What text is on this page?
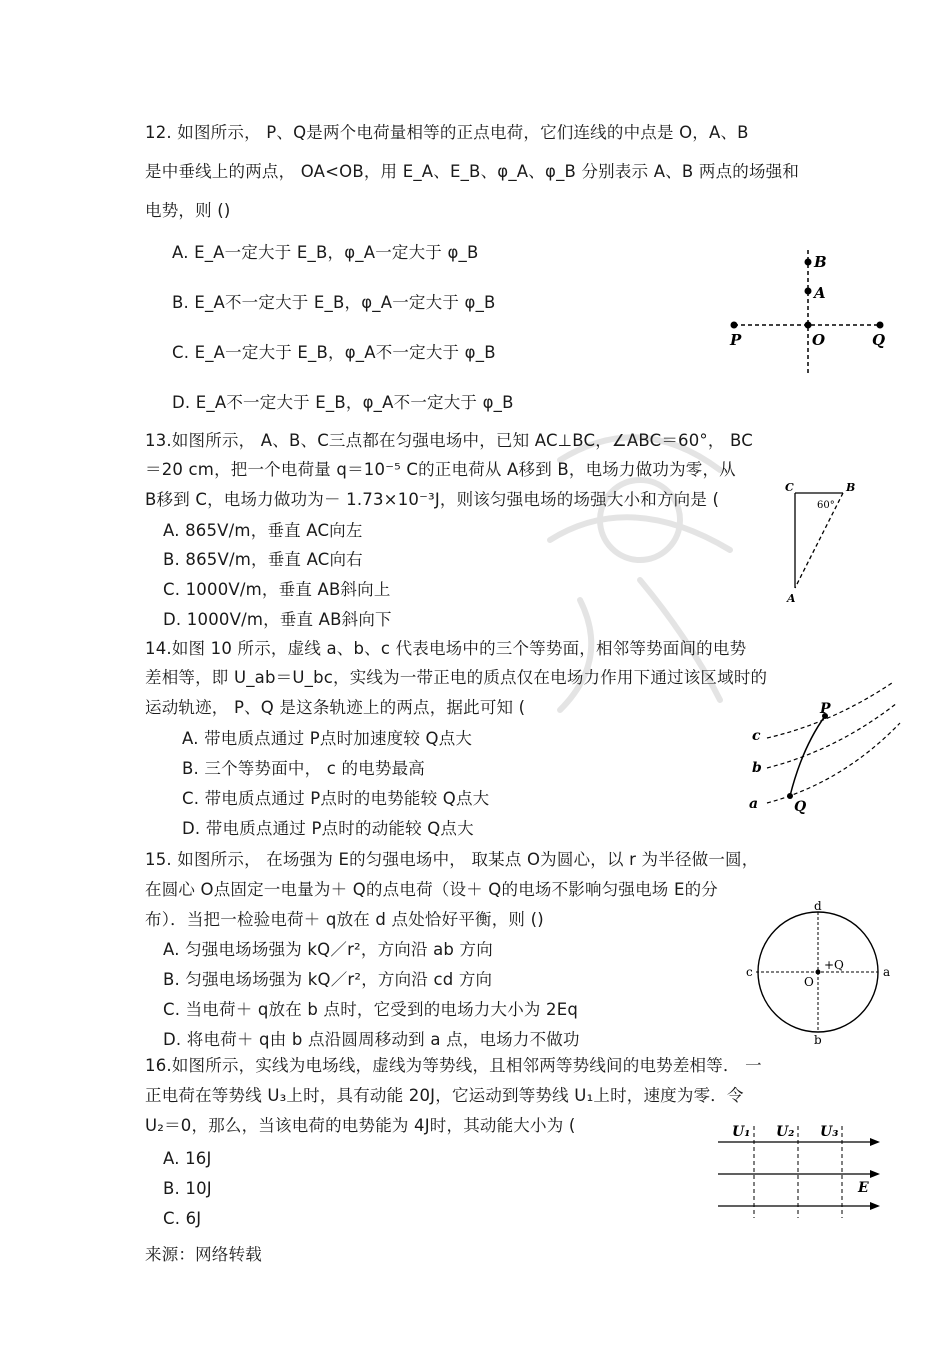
12. 如图所示， P、Q是两个电荷量相等的正点电荷，它们连线的中点是 O，A、B
是中垂线上的两点， OA<OB，用 E_A、E_B、φ_A、φ_B 分别表示 A、B 两点的场强和
电势，则 ()
A. E_A一定大于 E_B，φ_A一定大于 φ_B
B. E_A不一定大于 E_B，φ_A一定大于 φ_B
C. E_A一定大于 E_B，φ_A不一定大于 φ_B
D. E_A不一定大于 E_B，φ_A不一定大于 φ_B
B
A
P	O	Q
13.如图所示， A、B、C三点都在匀强电场中，已知 AC⊥BC，∠ABC＝60°， BC
＝20 cm，把一个电荷量 q＝10⁻⁵ C的正电荷从 A移到 B，电场力做功为零，从
B移到 C，电场力做功为－ 1.73×10⁻³J，则该匀强电场的场强大小和方向是 (
A. 865V/m，垂直 AC向左
B. 865V/m，垂直 AC向右
C. 1000V/m，垂直 AB斜向上
D. 1000V/m，垂直 AB斜向下
C	B
60°
A
14.如图 10 所示，虚线 a、b、c 代表电场中的三个等势面，相邻等势面间的电势
差相等，即 U_ab＝U_bc，实线为一带正电的质点仅在电场力作用下通过该区域时的
运动轨迹， P、Q 是这条轨迹上的两点，据此可知 (
A. 带电质点通过 P点时加速度较 Q点大
B. 三个等势面中， c 的电势最高
C. 带电质点通过 P点时的电势能较 Q点大
D. 带电质点通过 P点时的动能较 Q点大
P
c
b
a	Q
15. 如图所示， 在场强为 E的匀强电场中， 取某点 O为圆心，以 r 为半径做一圆，
在圆心 O点固定一电量为＋ Q的点电荷（设＋ Q的电场不影响匀强电场 E的分
布）．当把一检验电荷＋ q放在 d 点处恰好平衡，则 ()
A. 匀强电场场强为 kQ／r²，方向沿 ab 方向
B. 匀强电场场强为 kQ／r²，方向沿 cd 方向
C. 当电荷＋ q放在 b 点时，它受到的电场力大小为 2Eq
D. 将电荷＋ q由 b 点沿圆周移动到 a 点，电场力不做功
d
+Q
c
O
a
b
16.如图所示，实线为电场线，虚线为等势线，且相邻两等势线间的电势差相等． 一
正电荷在等势线 U₃上时，具有动能 20J，它运动到等势线 U₁上时，速度为零．令
U₂＝0，那么，当该电荷的电势能为 4J时，其动能大小为 (
A. 16J
B. 10J
C. 6J
U₁ U₂ U₃
E
来源：网络转载
